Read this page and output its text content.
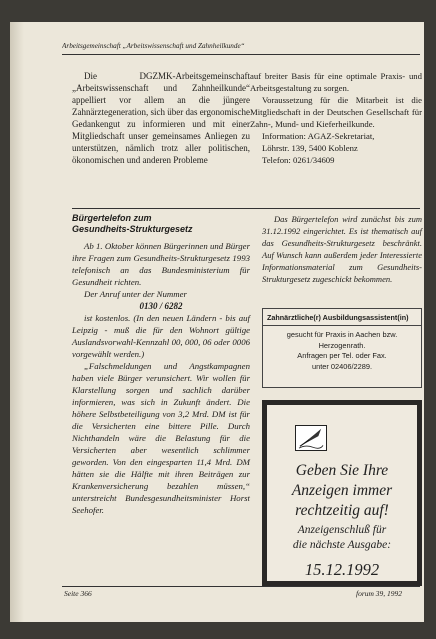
Arbeitsgemeinschaft „Arbeitswissenschaft und Zahnheilkunde“

Die DGZMK-Arbeitsgemeinschaft „Arbeitswissenschaft und Zahnheilkunde“ appelliert vor allem an die jüngere Zahnärztegeneration, sich über das ergonomische Gedankengut zu informieren und mit einer Mitgliedschaft unser gemeinsames Anliegen zu unterstützen, nämlich trotz aller politischen, ökonomischen und anderen Probleme

auf breiter Basis für eine optimale Praxis- und Arbeitsgestaltung zu sorgen.

Voraussetzung für die Mitarbeit ist die Mitgliedschaft in der Deutschen Gesellschaft für Zahn-, Mund- und Kieferheilkunde.

Information: AGAZ-Sekretariat,

Löhrstr. 139, 5400 Koblenz

Telefon: 0261/34609

Bürgertelefon zum
Gesundheits-Strukturgesetz

Ab 1. Oktober können Bürgerinnen und Bürger ihre Fragen zum Gesundheits-Strukturgesetz 1993 telefonisch an das Bundesministerium für Gesundheit richten.

Der Anruf unter der Nummer

0130 / 6282

ist kostenlos. (In den neuen Ländern - bis auf Leipzig - muß die für den Wohnort gültige Auslandsvorwahl-Kennzahl 00, 000, 06 oder 0006 vorgewählt werden.)

„Falschmeldungen und Angstkampagnen haben viele Bürger verunsichert. Wir wollen für Klarstellung sorgen und sachlich darüber informieren, was sich in Zukunft ändert. Die höhere Selbstbeteiligung von 3,2 Mrd. DM ist für die Versicherten eine bittere Pille. Durch Nichthandeln wäre die Belastung für die Versicherten aber wesentlich schlimmer geworden. Von den eingesparten 11,4 Mrd. DM hätten sie die Hälfte mit ihren Beiträgen zur Krankenversicherung bezahlen müssen,“ unterstreicht Bundesgesundheitsminister Horst Seehofer.

Das Bürgertelefon wird zunächst bis zum 31.12.1992 eingerichtet. Es ist thematisch auf das Gesundheits-Strukturgesetz beschränkt. Auf Wunsch kann außerdem jeder Interessierte Informationsmaterial zum Gesundheits-Strukturgesetz zugeschickt bekommen.

Zahnärztliche(r) Ausbildungsassistent(in)
gesucht für Praxis in Aachen bzw.
Herzogenrath.
Anfragen per Tel. oder Fax.
unter 02406/2289.
Geben Sie Ihre
Anzeigen immer
rechtzeitig auf!
Anzeigenschluß für
die nächste Ausgabe:
15.12.1992
Seite 366	forum 39, 1992
